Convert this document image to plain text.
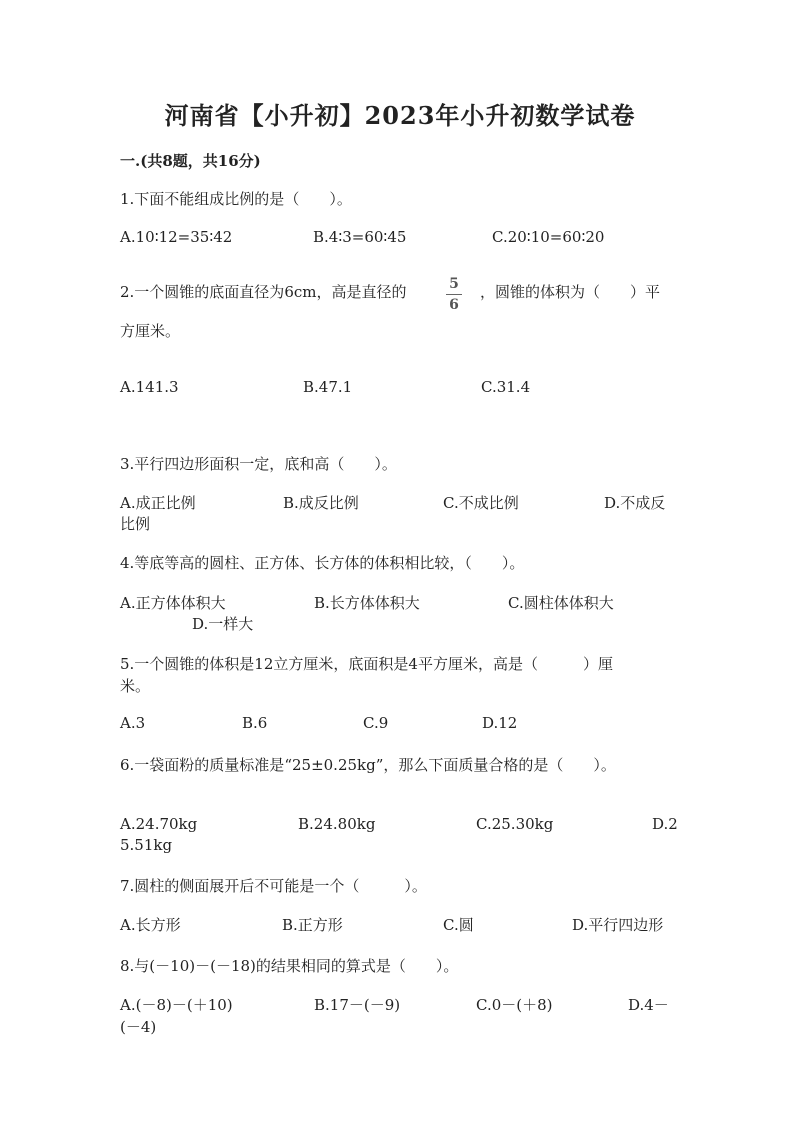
河南省【小升初】2023年小升初数学试卷
一.(共8题，共16分)
1.下面不能组成比例的是（　　）。
A.10∶12=35∶42	B.4∶3=60∶45	C.20∶10=60∶20
2.一个圆锥的底面直径为6cm，高是直径的	5
6
，圆锥的体积为（　　）平
方厘米。
A.141.3	B.47.1	C.31.4
3.平行四边形面积一定，底和高（　　）。
A.成正比例	B.成反比例	C.不成比例	D.不成反
比例
4.等底等高的圆柱、正方体、长方体的体积相比较，（　　）。
A.正方体体积大	B.长方体体积大	C.圆柱体体积大
D.一样大
5.一个圆锥的体积是12立方厘米，底面积是4平方厘米，高是（　　　）厘
米。
A.3	B.6	C.9	D.12
6.一袋面粉的质量标准是“25±0.25kg”，那么下面质量合格的是（　　）。
A.24.70kg	B.24.80kg	C.25.30kg	D.2
5.51kg
7.圆柱的侧面展开后不可能是一个（　　　）。
A.长方形	B.正方形	C.圆	D.平行四边形
8.与(－10)－(－18)的结果相同的算式是（　　）。
A.(－8)－(＋10)	B.17－(－9)	C.0－(＋8)	D.4－
(－4)
